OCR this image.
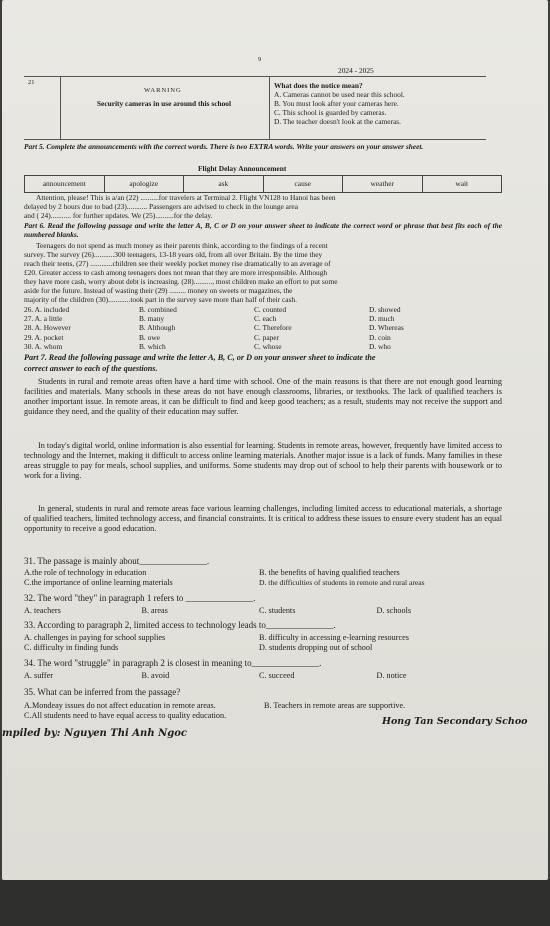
9
2024 - 2025
21
WARNING
Security cameras in use around this school
What does the notice mean?
A. Cameras cannot be used near this school.
B. You must look after your cameras here.
C. This school is guarded by cameras.
D. The teacher doesn't look at the cameras.
Part 5. Complete the announcements with the correct words. There is two EXTRA words. Write your answers on your answer sheet.
Flight Delay Announcement
announcement	apologize	ask	cause	weather	wait
Attention, please! This is a/an (22) ..........for travelers at Terminal 2. Flight VN128 to Hanoi has been
delayed by 2 hours due to bad (23)........... Passengers are advised to check in the lounge area
and ( 24)........... for further updates. We (25)..........for the delay.
Part 6. Read the following passage and write the letter A, B, C or D on your answer sheet to indicate the correct word or phrase that best fits each of the numbered blanks.
Teenagers do not spend as much money as their parents think, according to the findings of a recent
survey. The survey (26)...........300 teenagers, 13-18 years old, from all over Britain. By the time they
reach their teens, (27) ............children see their weekly pocket money rise dramatically to an average of
£20. Greater access to cash among teenagers does not mean that they are more irresponsible. Although
they have more cash, worry about debt is increasing. (28).........., most children make an effort to put some
aside for the future. Instead of wasting their (29) ......... money on sweets or magazines, the
majority of the children (30)............took part in the survey save more than half of their cash.
26. A. included	B. combined	C. counted	D. showed
27. A. a little	B. many	C. each	D. much
28. A. However	B. Although	C. Therefore	D. Whereas
29. A. pocket	B. owe	C. paper	D. coin
30. A. whom	B. which	C. whose	D. who
Part 7. Read the following passage and write the letter A, B, C, or D on your answer sheet to indicate the
correct answer to each of the questions.
Students in rural and remote areas often have a hard time with school. One of the main reasons is that there are not enough good learning facilities and materials. Many schools in these areas do not have enough classrooms, libraries, or textbooks. The lack of qualified teachers is another important issue. In remote areas, it can be difficult to find and keep good teachers; as a result, students may not receive the support and guidance they need, and the quality of their education may suffer.
In today's digital world, online information is also essential for learning. Students in remote areas, however, frequently have limited access to technology and the Internet, making it difficult to access online learning materials. Another major issue is a lack of funds. Many families in these areas struggle to pay for meals, school supplies, and uniforms. Some students may drop out of school to help their parents with housework or to work for a living.
In general, students in rural and remote areas face various learning challenges, including limited access to educational materials, a shortage of qualified teachers, limited technology access, and financial constraints. It is critical to address these issues to ensure every student has an equal opportunity to receive a good education.
31. The passage is mainly about_______________.
A.the role of technology in education	B. the benefits of having qualified teachers
C.the importance of online learning materials	D. the difficulties of students in remote and rural areas
32. The word "they" in paragraph 1 refers to _______________.
A. teachers	B. areas	C. students	D. schools
33. According to paragraph 2, limited access to technology leads to_______________.
A. challenges in paying for school supplies	B. difficulty in accessing e-learning resources
C. difficulty in finding funds	D. students dropping out of school
34. The word "struggle" in paragraph 2 is closest in meaning to_______________.
A. suffer	B. avoid	C. succeed	D. notice
35. What can be inferred from the passage?
A.Mondeay issues do not affect education in remote areas.	B. Teachers in remote areas are supportive.
C.All students need to have equal access to quality education.
mpiled by: Nguyen Thi Anh Ngoc
Hong Tan Secondary Schoo
